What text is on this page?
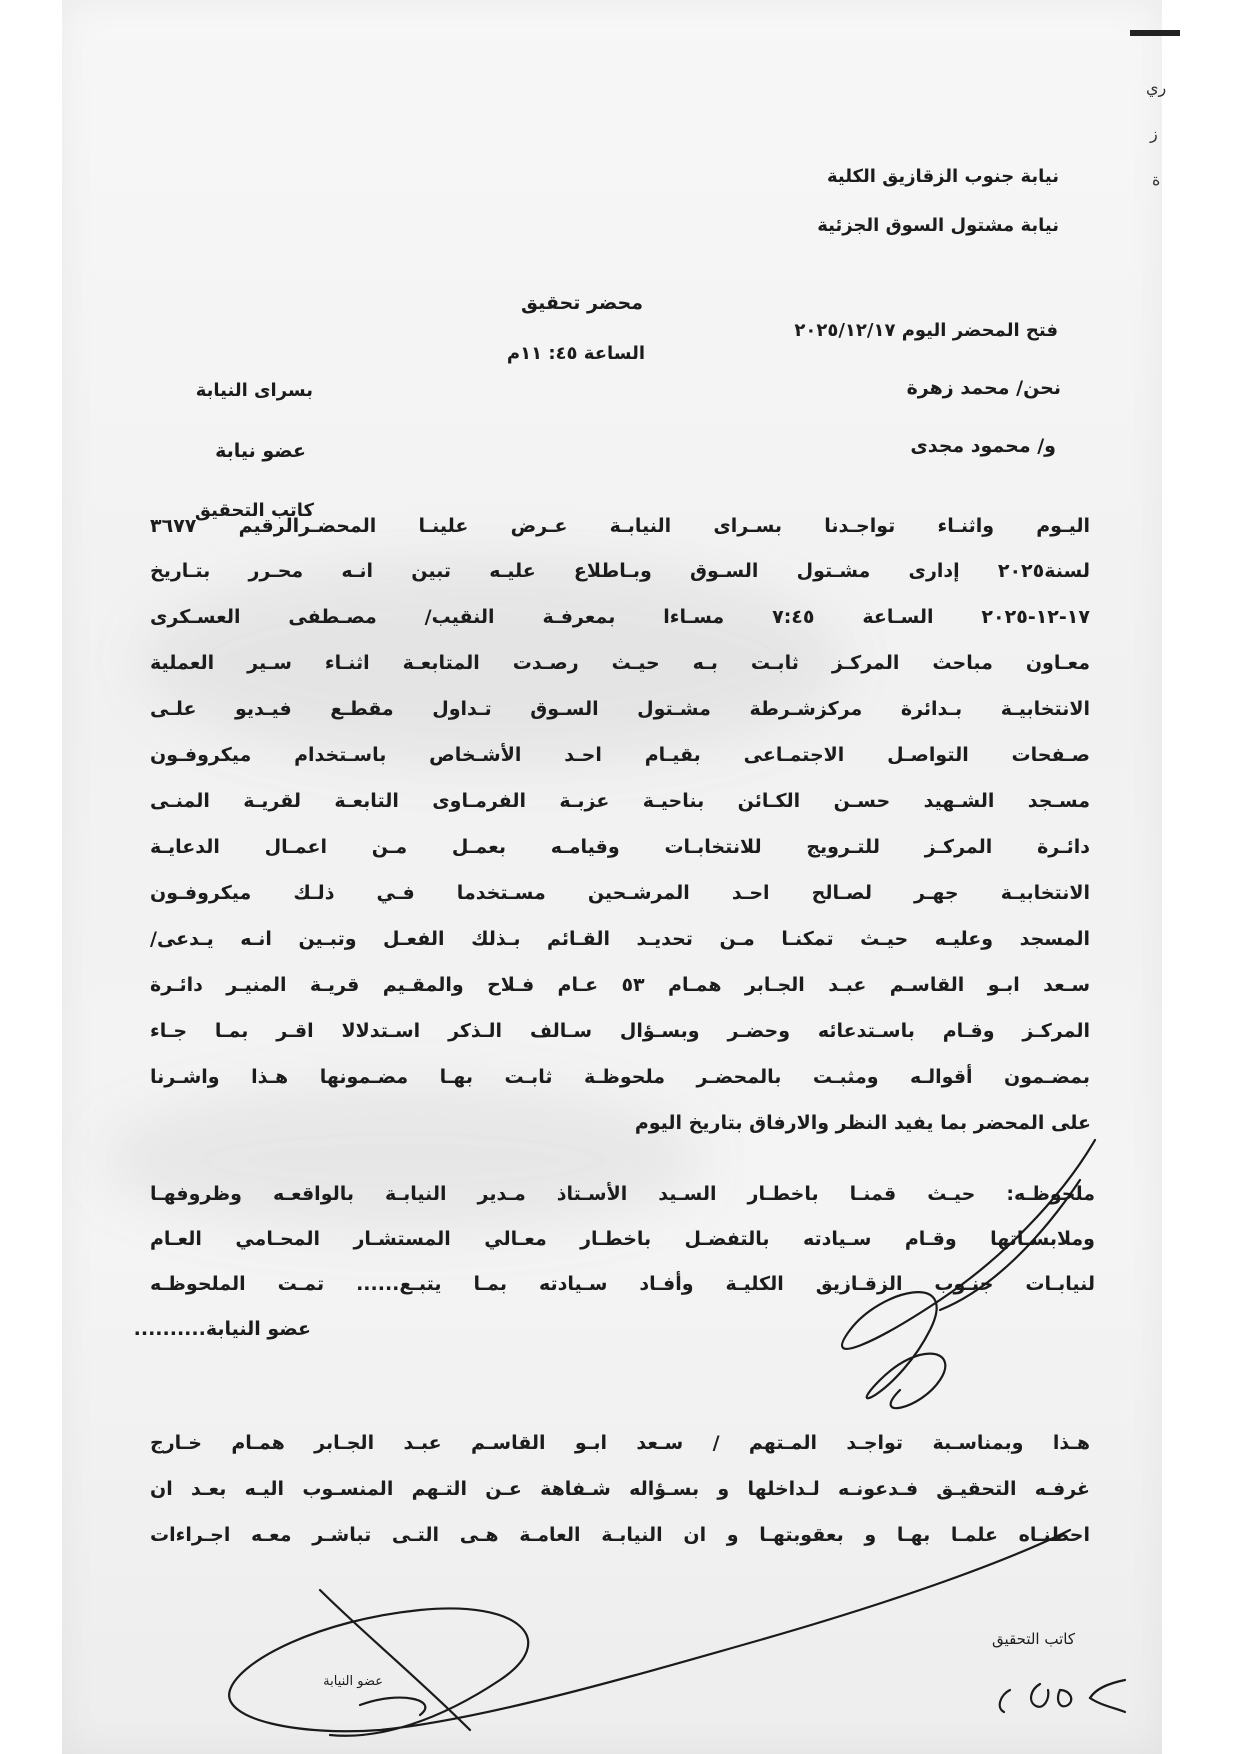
ري
ز
ة
نيابة جنوب الزقازيق الكلية
نيابة مشتول السوق الجزئية
محضر تحقيق
فتح المحضر اليوم ٢٠٢٥/١٢/١٧
الساعة ٤٥: ١١م
نحن/ محمد زهرة
و/ محمود مجدى
بسراى النيابة
عضو نيابة
كاتب التحقيق
اليـوم واثنـاء تواجـدنا بسـراى النيابـة عـرض علينـا المحضـرالرقيم ٣٦٧٧
لسنة٢٠٢٥ إدارى مشـتول السـوق وبـاطلاع عليـه تبين انـه محـرر بتـاريخ
١٧-١٢-٢٠٢٥ السـاعة ٧:٤٥ مسـاءا بمعرفـة النقيب/ مصـطفى العسـكرى
معـاون مباحث المركـز ثابـت بـه حيـث رصـدت المتابعـة اثنـاء سـير العملية
الانتخابيـة بـدائرة مركزشـرطة مشـتول السـوق تـداول مقطـع فيـديو علـى
صـفحات التواصـل الاجتمـاعى بقيـام احـد الأشـخاص باسـتخدام ميكروفـون
مسـجد الشـهيد حسـن الكـائن بناحيـة عزبـة الفرمـاوى التابعـة لقريـة المنـى
دائـرة المركـز للتـرويج للانتخابـات وقيامـه بعمـل مـن اعمـال الدعايـة
الانتخابيـة جهـر لصـالح احـد المرشـحين مسـتخدما فـي ذلـك ميكروفـون
المسجد وعليـه حيـث تمكنـا مـن تحديـد القـائم بـذلك الفعـل وتبـين انـه يـدعى/
سـعد ابـو القاسـم عبـد الجـابر همـام ٥٣ عـام فـلاح والمقـيم قريـة المنيـر دائـرة
المركـز وقـام باسـتدعائه وحضـر وبسـؤال سـالف الـذكر اسـتدلالا اقـر بمـا جـاء
بمضـمون أقوالـه ومثبـت بالمحضـر ملحوظـة ثابـت بهـا مضـمونها هـذا واشـرنا
على المحضر بما يفيد النظر والارفاق بتاريخ اليوم
ملحوظـه: حيـث قمنـا باخطـار السـيد الأسـتاذ مـدير النيابـة بالواقعـه وظروفهـا
وملابسـاتها وقـام سـيادته بالتفضـل باخطـار معـالي المستشـار المحـامي العـام
لنيابـات جنـوب الزقـازيق الكليـة وأفـاد سـيادته بمـا يتبـع...... تمـت الملحوظـه
عضو النيابة..........
هـذا وبمناسـبة تواجـد المـتهم / سـعد ابـو القاسـم عبـد الجـابر همـام خـارج
غرفـه التحقيـق فـدعونـه لـداخلها و بسـؤاله شـفاهة عـن التـهم المنسـوب اليـه بعـد ان
احطنـاه علمـا بهـا و بعقوبتهـا و ان النيابـة العامـة هـى التـى تباشـر معـه اجـراءات
كاتب التحقيق
عضو النيابة
